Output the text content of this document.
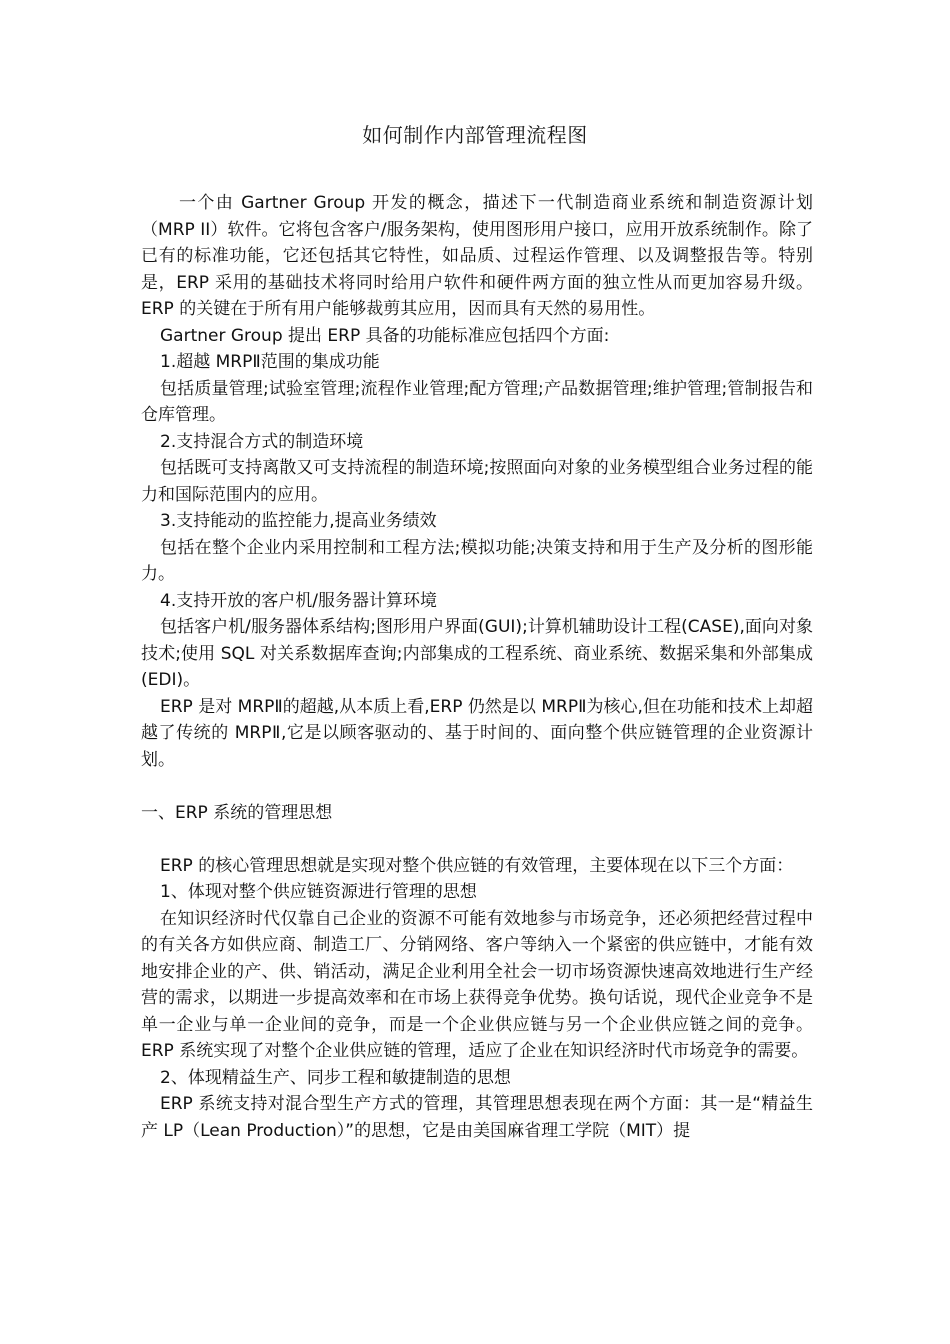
如何制作内部管理流程图

一个由 Gartner Group 开发的概念，描述下一代制造商业系统和制造资源计划（MRP II）软件。它将包含客户/服务架构，使用图形用户接口，应用开放系统制作。除了已有的标准功能，它还包括其它特性，如品质、过程运作管理、以及调整报告等。特别是，ERP 采用的基础技术将同时给用户软件和硬件两方面的独立性从而更加容易升级。ERP 的关键在于所有用户能够裁剪其应用，因而具有天然的易用性。

Gartner Group 提出 ERP 具备的功能标准应包括四个方面:

1.超越 MRPⅡ范围的集成功能

包括质量管理;试验室管理;流程作业管理;配方管理;产品数据管理;维护管理;管制报告和仓库管理。

2.支持混合方式的制造环境

包括既可支持离散又可支持流程的制造环境;按照面向对象的业务模型组合业务过程的能力和国际范围内的应用。

3.支持能动的监控能力,提高业务绩效

包括在整个企业内采用控制和工程方法;模拟功能;决策支持和用于生产及分析的图形能力。

4.支持开放的客户机/服务器计算环境

包括客户机/服务器体系结构;图形用户界面(GUI);计算机辅助设计工程(CASE),面向对象技术;使用 SQL 对关系数据库查询;内部集成的工程系统、商业系统、数据采集和外部集成 (EDI)。

ERP 是对 MRPⅡ的超越,从本质上看,ERP 仍然是以 MRPⅡ为核心,但在功能和技术上却超越了传统的 MRPⅡ,它是以顾客驱动的、基于时间的、面向整个供应链管理的企业资源计划。

一、ERP 系统的管理思想

ERP 的核心管理思想就是实现对整个供应链的有效管理，主要体现在以下三个方面：

1、体现对整个供应链资源进行管理的思想

在知识经济时代仅靠自己企业的资源不可能有效地参与市场竞争，还必须把经营过程中的有关各方如供应商、制造工厂、分销网络、客户等纳入一个紧密的供应链中，才能有效地安排企业的产、供、销活动，满足企业利用全社会一切市场资源快速高效地进行生产经营的需求，以期进一步提高效率和在市场上获得竞争优势。换句话说，现代企业竞争不是单一企业与单一企业间的竞争，而是一个企业供应链与另一个企业供应链之间的竞争。ERP 系统实现了对整个企业供应链的管理，适应了企业在知识经济时代市场竞争的需要。

2、体现精益生产、同步工程和敏捷制造的思想

ERP 系统支持对混合型生产方式的管理，其管理思想表现在两个方面：其一是“精益生产 LP（Lean Production）”的思想，它是由美国麻省理工学院（MIT）提
